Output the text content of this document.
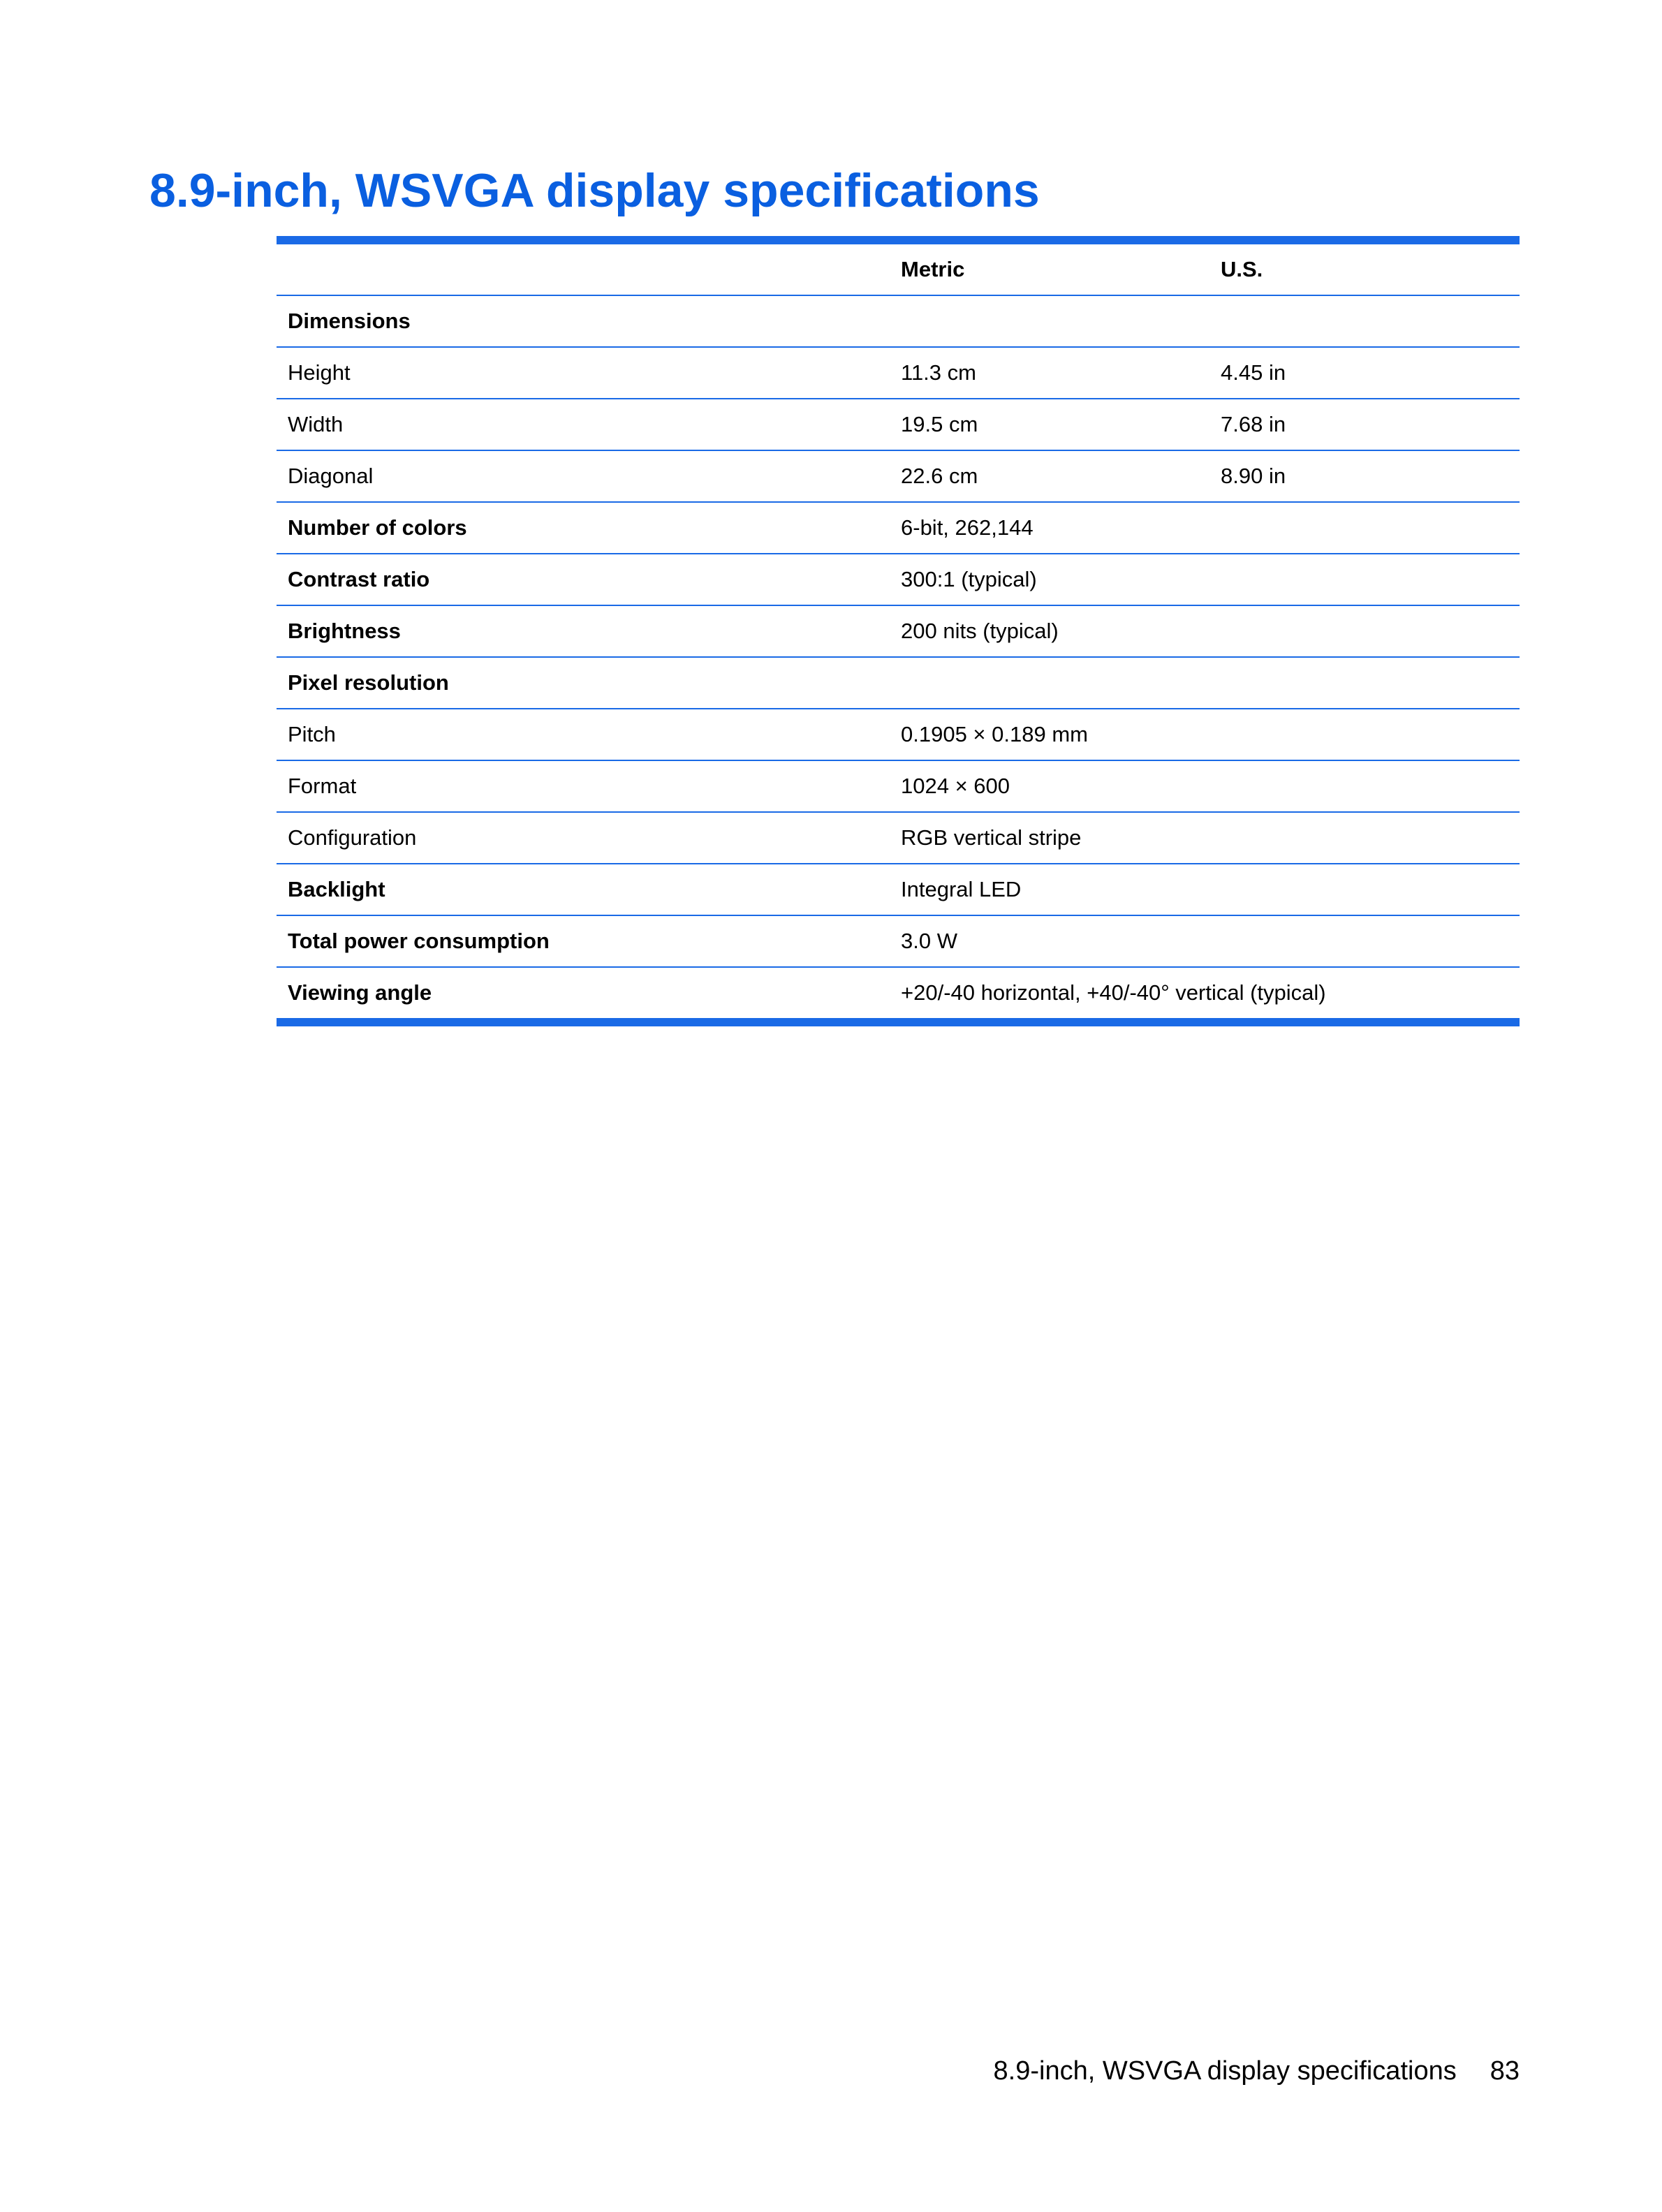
8.9-inch, WSVGA display specifications
	Metric	U.S.
Dimensions		
Height	11.3 cm	4.45 in
Width	19.5 cm	7.68 in
Diagonal	22.6 cm	8.90 in
Number of colors	6-bit, 262,144	
Contrast ratio	300:1 (typical)	
Brightness	200 nits (typical)	
Pixel resolution		
Pitch	0.1905 × 0.189 mm	
Format	1024 × 600	
Configuration	RGB vertical stripe	
Backlight	Integral LED	
Total power consumption	3.0 W	
Viewing angle	+20/-40 horizontal, +40/-40° vertical (typical)	
8.9-inch, WSVGA display specifications 83
